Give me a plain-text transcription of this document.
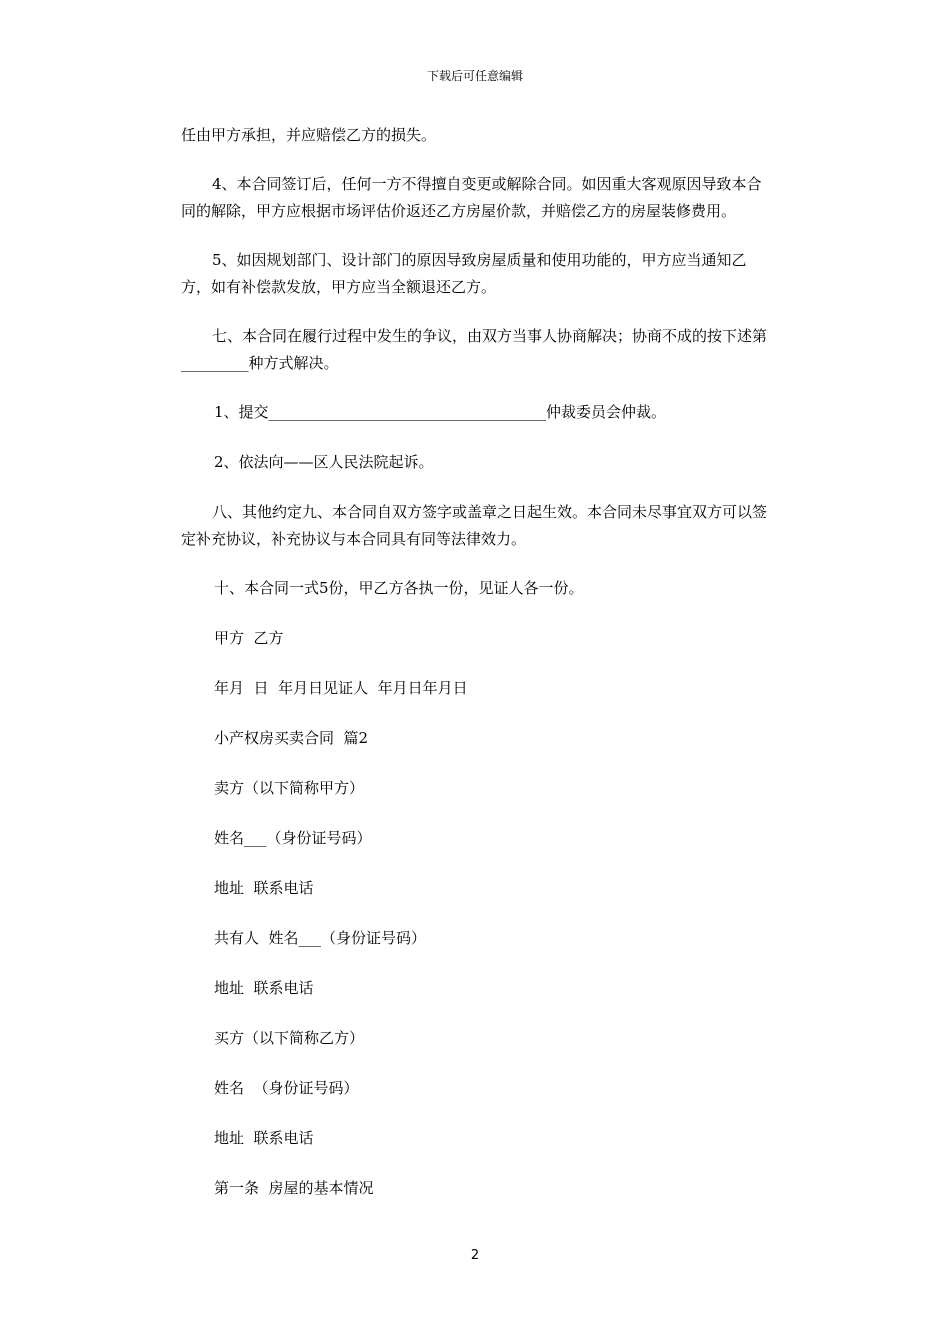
下载后可任意编辑

任由甲方承担，并应赔偿乙方的损失。

4、本合同签订后，任何一方不得擅自变更或解除合同。如因重大客观原因导致本合同的解除，甲方应根据市场评估价返还乙方房屋价款，并赔偿乙方的房屋装修费用。

5、如因规划部门、设计部门的原因导致房屋质量和使用功能的，甲方应当通知乙方，如有补偿款发放，甲方应当全额退还乙方。

七、本合同在履行过程中发生的争议，由双方当事人协商解决；协商不成的按下述第_________种方式解决。

1、提交_____________________________________仲裁委员会仲裁。
2、依法向——区人民法院起诉。

八、其他约定九、本合同自双方签字或盖章之日起生效。本合同未尽事宜双方可以签定补充协议，补充协议与本合同具有同等法律效力。

十、本合同一式5份，甲乙方各执一份，见证人各一份。
甲方  乙方
年月  日  年月日见证人  年月日年月日
小产权房买卖合同  篇2
卖方（以下简称甲方）
姓名___（身份证号码）
地址  联系电话
共有人  姓名___（身份证号码）
地址  联系电话
买方（以下简称乙方）
姓名  （身份证号码）
地址  联系电话
第一条  房屋的基本情况
2
